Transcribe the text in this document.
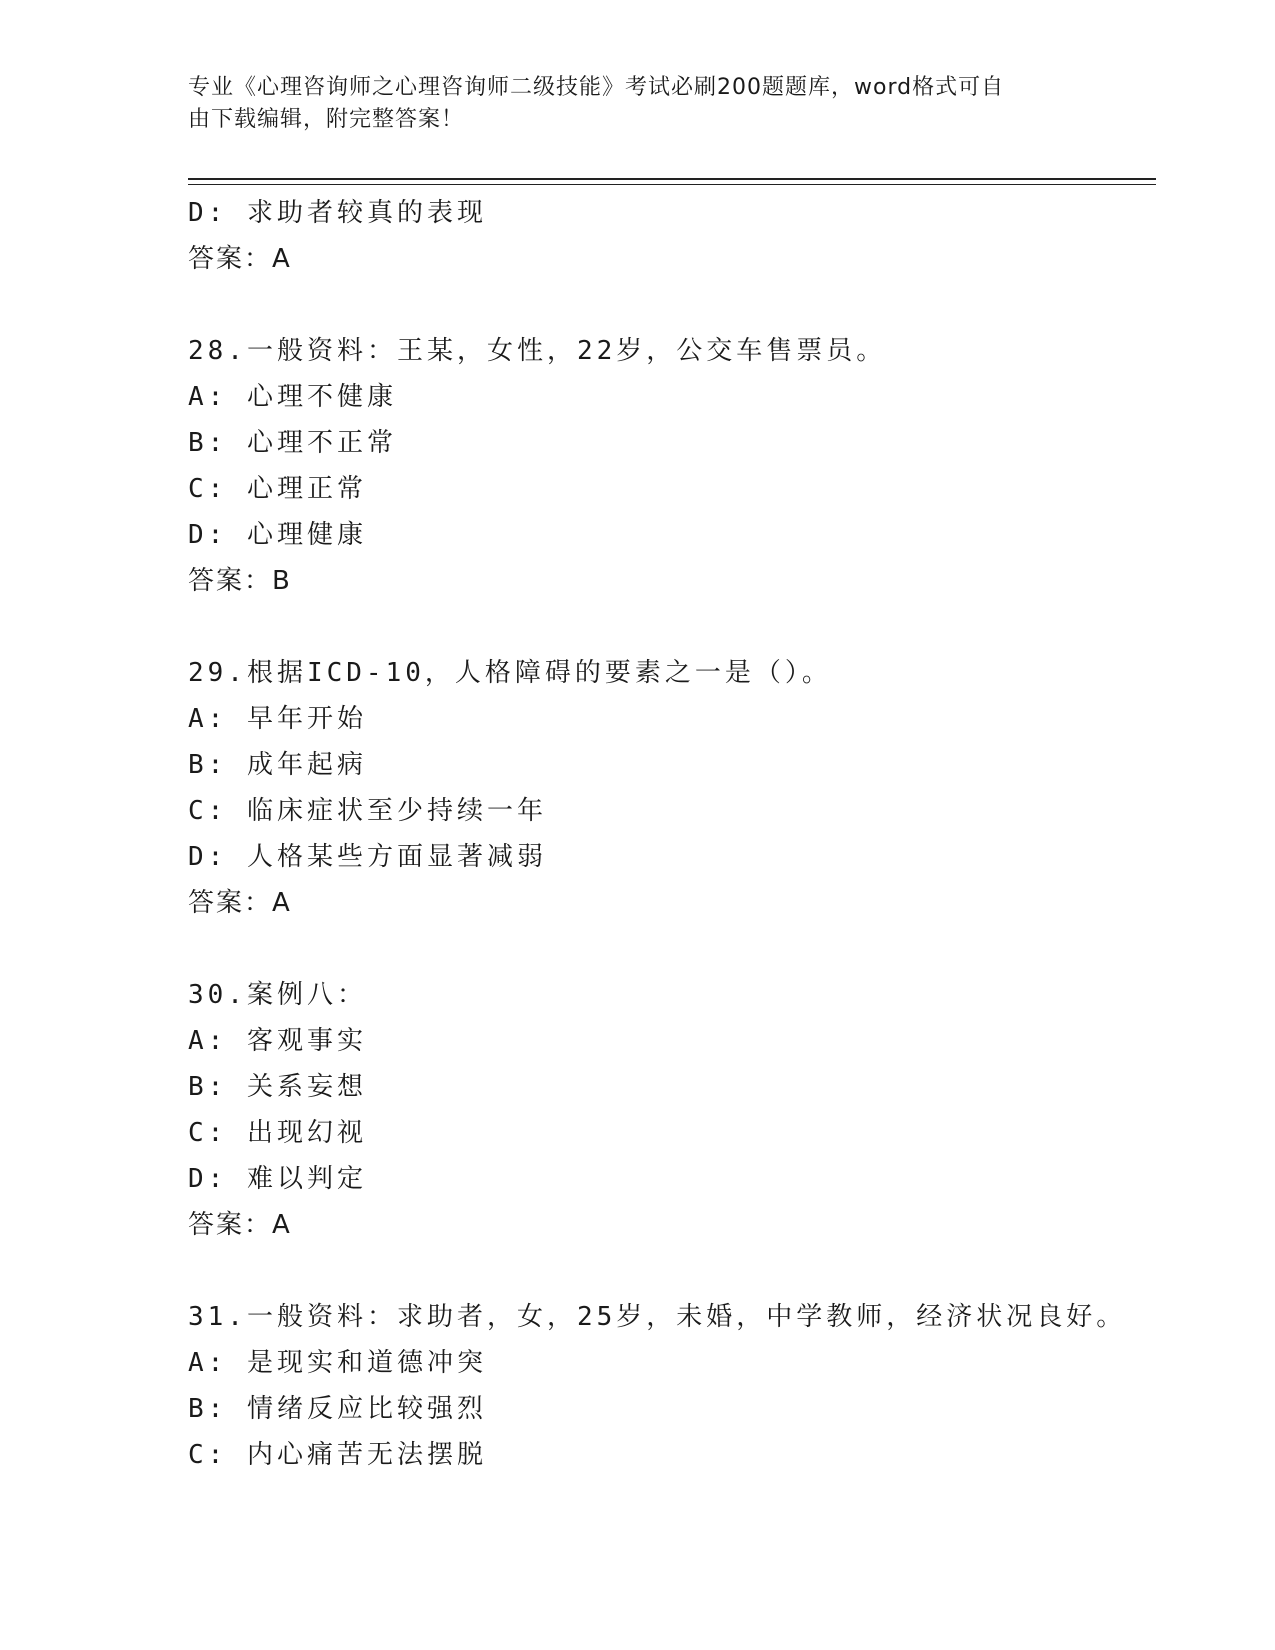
专业《心理咨询师之心理咨询师二级技能》考试必刷200题题库，word格式可自
由下载编辑，附完整答案！
D: 求助者较真的表现
答案：A
28.一般资料：王某，女性，22岁，公交车售票员。
A: 心理不健康
B: 心理不正常
C: 心理正常
D: 心理健康
答案：B
29.根据ICD-10，人格障碍的要素之一是（）。
A: 早年开始
B: 成年起病
C: 临床症状至少持续一年
D: 人格某些方面显著减弱
答案：A
30.案例八：
A: 客观事实
B: 关系妄想
C: 出现幻视
D: 难以判定
答案：A
31.一般资料：求助者，女，25岁，未婚，中学教师，经济状况良好。
A: 是现实和道德冲突
B: 情绪反应比较强烈
C: 内心痛苦无法摆脱
